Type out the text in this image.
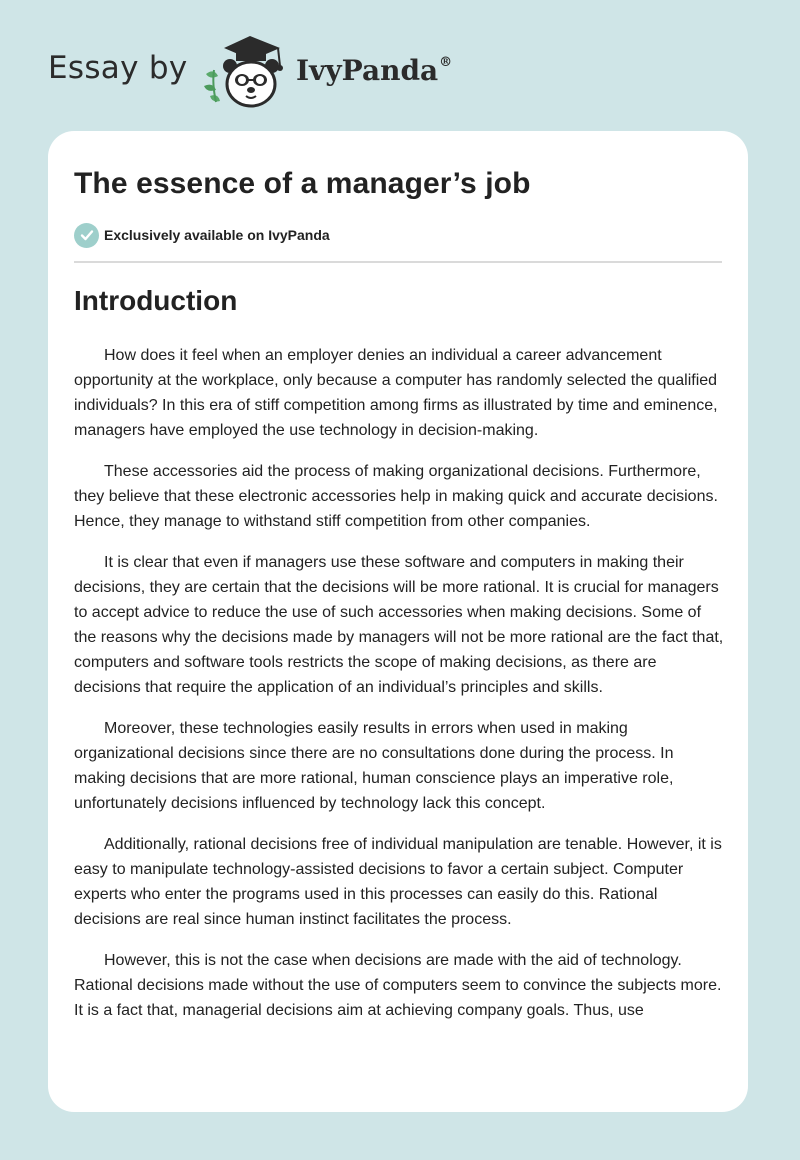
Essay by	IvyPanda®
The essence of a manager’s job
Exclusively available on IvyPanda
Introduction

How does it feel when an employer denies an individual a career advancement opportunity at the workplace, only because a computer has randomly selected the qualified individuals? In this era of stiff competition among firms as illustrated by time and eminence, managers have employed the use technology in decision-making.

These accessories aid the process of making organizational decisions. Furthermore, they believe that these electronic accessories help in making quick and accurate decisions. Hence, they manage to withstand stiff competition from other companies.

It is clear that even if managers use these software and computers in making their decisions, they are certain that the decisions will be more rational. It is crucial for managers to accept advice to reduce the use of such accessories when making decisions. Some of the reasons why the decisions made by managers will not be more rational are the fact that, computers and software tools restricts the scope of making decisions, as there are decisions that require the application of an individual’s principles and skills.

Moreover, these technologies easily results in errors when used in making organizational decisions since there are no consultations done during the process. In making decisions that are more rational, human conscience plays an imperative role, unfortunately decisions influenced by technology lack this concept.

Additionally, rational decisions free of individual manipulation are tenable. However, it is easy to manipulate technology-assisted decisions to favor a certain subject. Computer experts who enter the programs used in this processes can easily do this. Rational decisions are real since human instinct facilitates the process.

However, this is not the case when decisions are made with the aid of technology. Rational decisions made without the use of computers seem to convince the subjects more. It is a fact that, managerial decisions aim at achieving company goals. Thus, use
